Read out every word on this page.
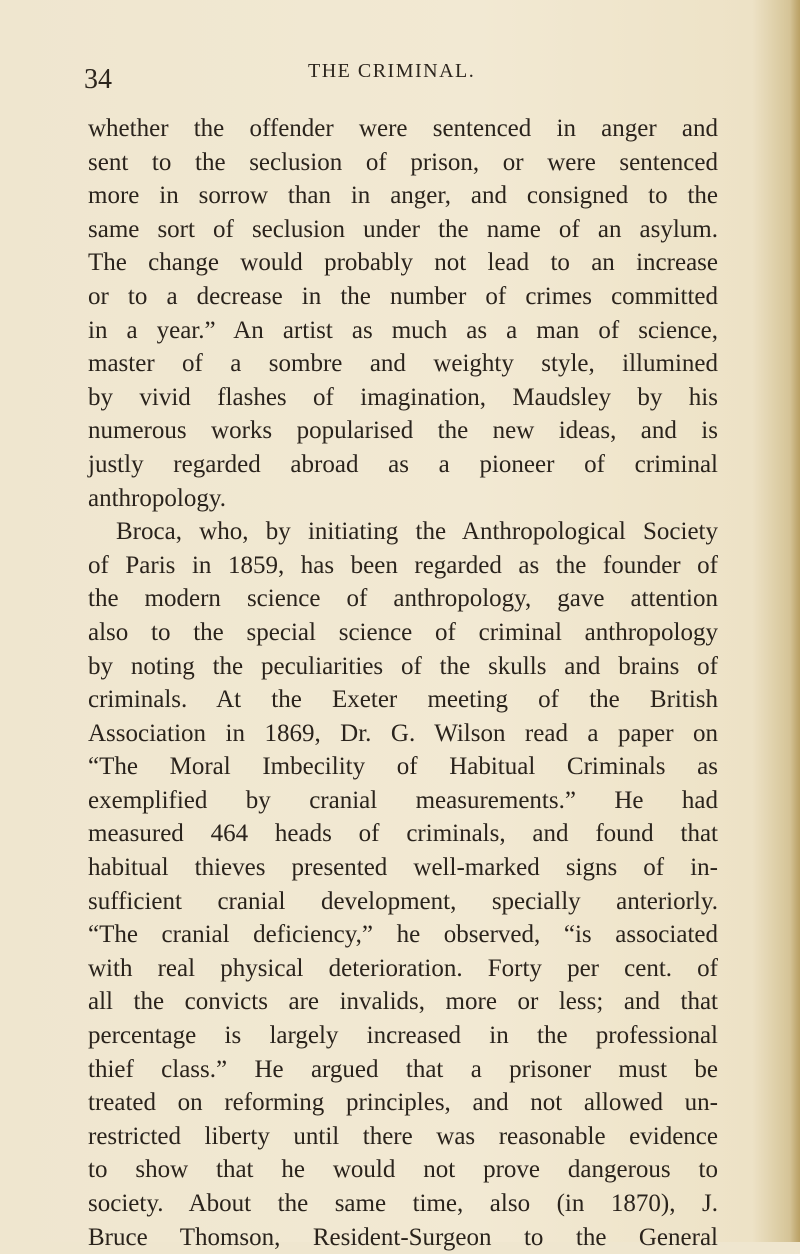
34	THE CRIMINAL.
whether the offender were sentenced in anger and
sent to the seclusion of prison, or were sentenced
more in sorrow than in anger, and consigned to the
same sort of seclusion under the name of an asylum.
The change would probably not lead to an increase
or to a decrease in the number of crimes committed
in a year.” An artist as much as a man of science,
master of a sombre and weighty style, illumined
by vivid flashes of imagination, Maudsley by his
numerous works popularised the new ideas, and is
justly regarded abroad as a pioneer of criminal
anthropology.
Broca, who, by initiating the Anthropological Society
of Paris in 1859, has been regarded as the founder of
the modern science of anthropology, gave attention
also to the special science of criminal anthropology
by noting the peculiarities of the skulls and brains of
criminals. At the Exeter meeting of the British
Association in 1869, Dr. G. Wilson read a paper on
“The Moral Imbecility of Habitual Criminals as
exemplified by cranial measurements.” He had
measured 464 heads of criminals, and found that
habitual thieves presented well-marked signs of in-
sufficient cranial development, specially anteriorly.
“The cranial deficiency,” he observed, “is associated
with real physical deterioration. Forty per cent. of
all the convicts are invalids, more or less; and that
percentage is largely increased in the professional
thief class.” He argued that a prisoner must be
treated on reforming principles, and not allowed un-
restricted liberty until there was reasonable evidence
to show that he would not prove dangerous to
society. About the same time, also (in 1870), J.
Bruce Thomson, Resident-Surgeon to the General
